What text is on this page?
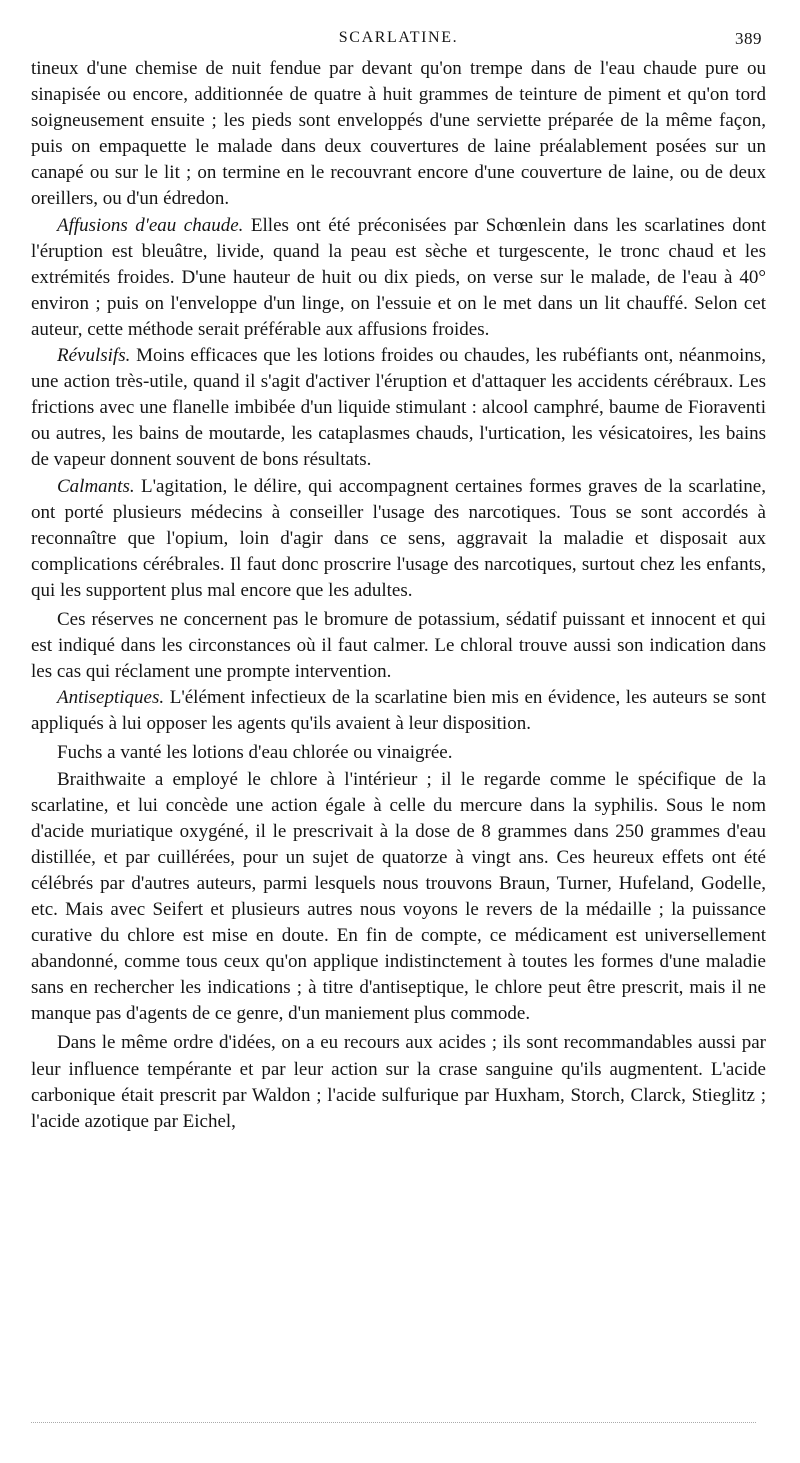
SCARLATINE.	389

tineux d'une chemise de nuit fendue par devant qu'on trempe dans de l'eau chaude pure ou sinapisée ou encore, additionnée de quatre à huit grammes de teinture de piment et qu'on tord soigneusement ensuite ; les pieds sont enveloppés d'une serviette préparée de la même façon, puis on empaquette le malade dans deux couvertures de laine préalablement posées sur un canapé ou sur le lit ; on termine en le recouvrant encore d'une couverture de laine, ou de deux oreillers, ou d'un édredon.

Affusions d'eau chaude. Elles ont été préconisées par Schœnlein dans les scarlatines dont l'éruption est bleuâtre, livide, quand la peau est sèche et turgescente, le tronc chaud et les extrémités froides. D'une hauteur de huit ou dix pieds, on verse sur le malade, de l'eau à 40° environ ; puis on l'enveloppe d'un linge, on l'essuie et on le met dans un lit chauffé. Selon cet auteur, cette méthode serait préférable aux affusions froides.

Révulsifs. Moins efficaces que les lotions froides ou chaudes, les rubéfiants ont, néanmoins, une action très-utile, quand il s'agit d'activer l'éruption et d'attaquer les accidents cérébraux. Les frictions avec une flanelle imbibée d'un liquide stimulant : alcool camphré, baume de Fioraventi ou autres, les bains de moutarde, les cataplasmes chauds, l'urtication, les vésicatoires, les bains de vapeur donnent souvent de bons résultats.

Calmants. L'agitation, le délire, qui accompagnent certaines formes graves de la scarlatine, ont porté plusieurs médecins à conseiller l'usage des narcotiques. Tous se sont accordés à reconnaître que l'opium, loin d'agir dans ce sens, aggravait la maladie et disposait aux complications cérébrales. Il faut donc proscrire l'usage des narcotiques, surtout chez les enfants, qui les supportent plus mal encore que les adultes.

Ces réserves ne concernent pas le bromure de potassium, sédatif puissant et innocent et qui est indiqué dans les circonstances où il faut calmer. Le chloral trouve aussi son indication dans les cas qui réclament une prompte intervention.

Antiseptiques. L'élément infectieux de la scarlatine bien mis en évidence, les auteurs se sont appliqués à lui opposer les agents qu'ils avaient à leur disposition.

Fuchs a vanté les lotions d'eau chlorée ou vinaigrée.

Braithwaite a employé le chlore à l'intérieur ; il le regarde comme le spécifique de la scarlatine, et lui concède une action égale à celle du mercure dans la syphilis. Sous le nom d'acide muriatique oxygéné, il le prescrivait à la dose de 8 grammes dans 250 grammes d'eau distillée, et par cuillérées, pour un sujet de quatorze à vingt ans. Ces heureux effets ont été célébrés par d'autres auteurs, parmi lesquels nous trouvons Braun, Turner, Hufeland, Godelle, etc. Mais avec Seifert et plusieurs autres nous voyons le revers de la médaille ; la puissance curative du chlore est mise en doute. En fin de compte, ce médicament est universellement abandonné, comme tous ceux qu'on applique indistinctement à toutes les formes d'une maladie sans en rechercher les indications ; à titre d'antiseptique, le chlore peut être prescrit, mais il ne manque pas d'agents de ce genre, d'un maniement plus commode.

Dans le même ordre d'idées, on a eu recours aux acides ; ils sont recommandables aussi par leur influence tempérante et par leur action sur la crase sanguine qu'ils augmentent. L'acide carbonique était prescrit par Waldon ; l'acide sulfurique par Huxham, Storch, Clarck, Stieglitz ; l'acide azotique par Eichel,
